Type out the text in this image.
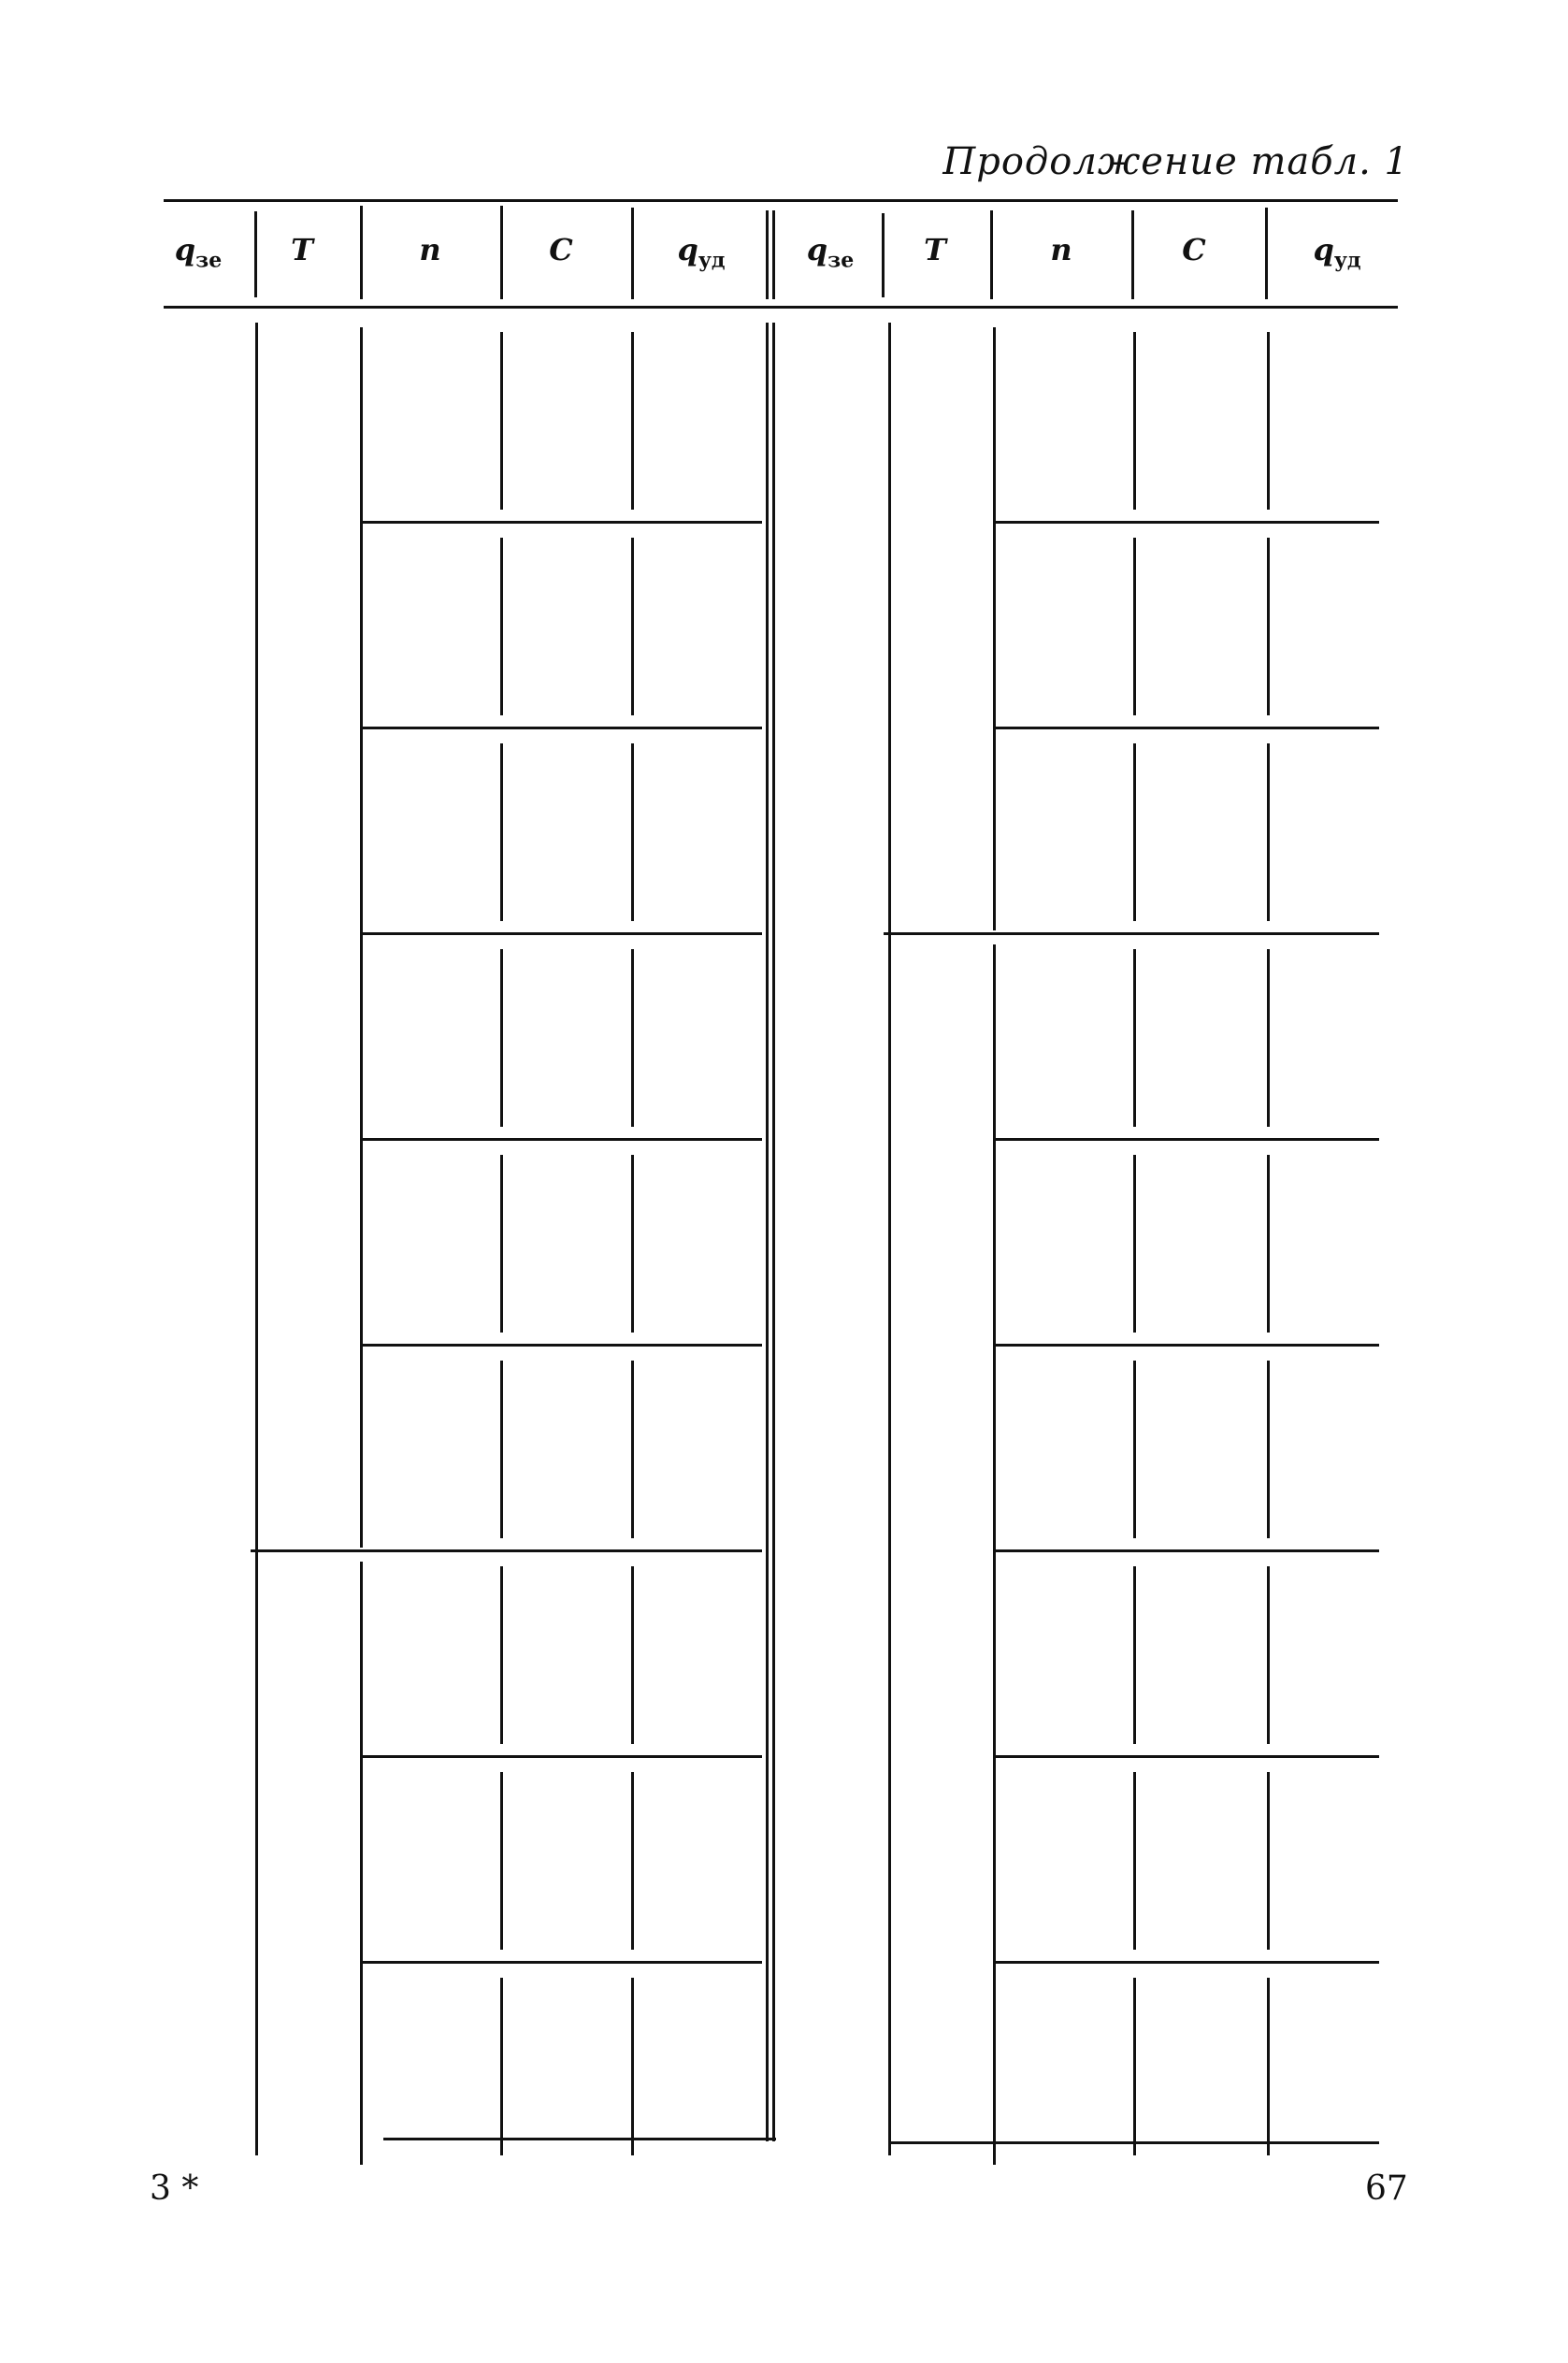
Продолжение табл. 1
$q_{зе}$	T	n	C	$q_{уд}$	$q_{зе}$	T	n	C	$q_{уд}$
3 *	67
